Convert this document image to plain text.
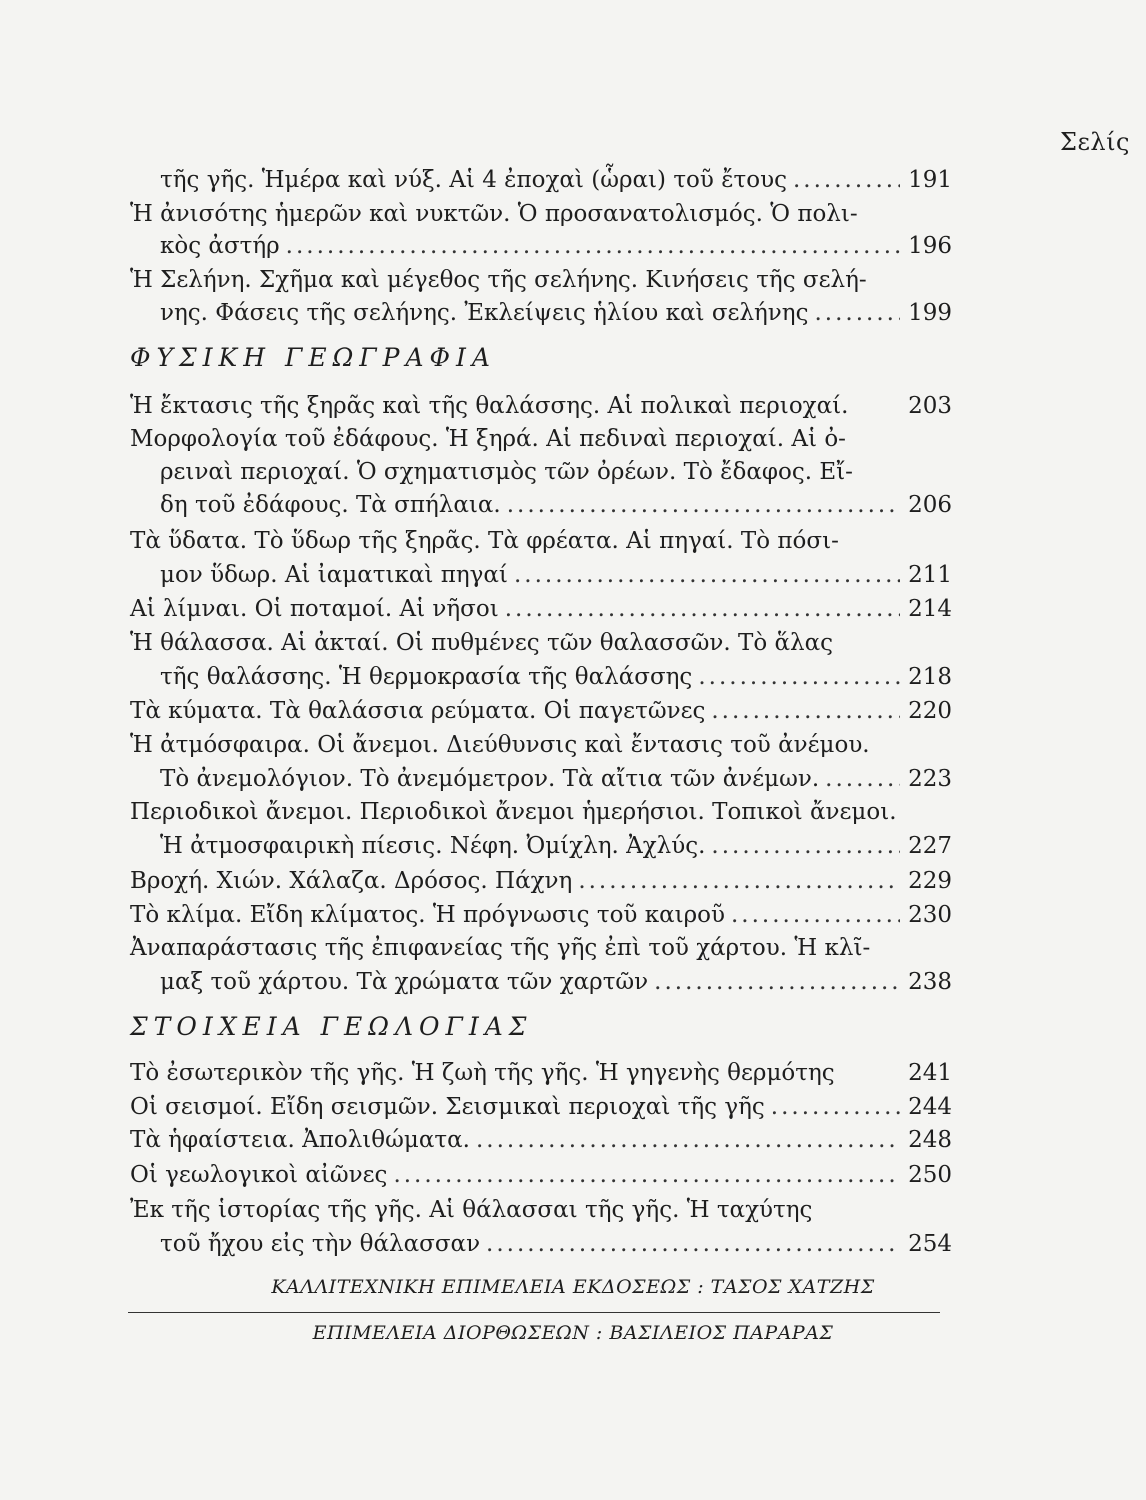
Σελίς
τῆς γῆς. Ἡμέρα καὶ νύξ. Αἱ 4 ἐποχαὶ (ὧραι) τοῦ ἔτους .....	191
Ἡ ἀνισότης ἡμερῶν καὶ νυκτῶν. Ὁ προσανατολισμός. Ὁ πολι-
κὸς ἀστήρ .....	196
Ἡ Σελήνη. Σχῆμα καὶ μέγεθος τῆς σελήνης. Κινήσεις τῆς σελή-
νης. Φάσεις τῆς σελήνης. Ἐκλείψεις ἡλίου καὶ σελήνης .....	199
ΦΥΣΙΚΗ ΓΕΩΓΡΑΦΙΑ
Ἡ ἔκτασις τῆς ξηρᾶς καὶ τῆς θαλάσσης. Αἱ πολικαὶ περιοχαί.	203
Μορφολογία τοῦ ἐδάφους. Ἡ ξηρά. Αἱ πεδιναὶ περιοχαί. Αἱ ὀ-
ρειναὶ περιοχαί. Ὁ σχηματισμὸς τῶν ὀρέων. Τὸ ἔδαφος. Εἴ-
δη τοῦ ἐδάφους. Τὰ σπήλαια. .....	206
Τὰ ὕδατα. Τὸ ὕδωρ τῆς ξηρᾶς. Τὰ φρέατα. Αἱ πηγαί. Τὸ πόσι-
μον ὕδωρ. Αἱ ἰαματικαὶ πηγαί .....	211
Αἱ λίμναι. Οἱ ποταμοί. Αἱ νῆσοι .....	214
Ἡ θάλασσα. Αἱ ἀκταί. Οἱ πυθμένες τῶν θαλασσῶν. Τὸ ἅλας
τῆς θαλάσσης. Ἡ θερμοκρασία τῆς θαλάσσης .....	218
Τὰ κύματα. Τὰ θαλάσσια ρεύματα. Οἱ παγετῶνες .....	220
Ἡ ἀτμόσφαιρα. Οἱ ἄνεμοι. Διεύθυνσις καὶ ἔντασις τοῦ ἀνέμου.
Τὸ ἀνεμολόγιον. Τὸ ἀνεμόμετρον. Τὰ αἴτια τῶν ἀνέμων. .....	223
Περιοδικοὶ ἄνεμοι. Περιοδικοὶ ἄνεμοι ἡμερήσιοι. Τοπικοὶ ἄνεμοι.
Ἡ ἀτμοσφαιρικὴ πίεσις. Νέφη. Ὀμίχλη. Ἀχλύς. .....	227
Βροχή. Χιών. Χάλαζα. Δρόσος. Πάχνη .....	229
Τὸ κλίμα. Εἴδη κλίματος. Ἡ πρόγνωσις τοῦ καιροῦ .....	230
Ἀναπαράστασις τῆς ἐπιφανείας τῆς γῆς ἐπὶ τοῦ χάρτου. Ἡ κλῖ-
μαξ τοῦ χάρτου. Τὰ χρώματα τῶν χαρτῶν .....	238
ΣΤΟΙΧΕΙΑ ΓΕΩΛΟΓΙΑΣ
Τὸ ἐσωτερικὸν τῆς γῆς. Ἡ ζωὴ τῆς γῆς. Ἡ γηγενὴς θερμότης	241
Οἱ σεισμοί. Εἴδη σεισμῶν. Σεισμικαὶ περιοχαὶ τῆς γῆς .....	244
Τὰ ἡφαίστεια. Ἀπολιθώματα. .....	248
Οἱ γεωλογικοὶ αἰῶνες .....	250
Ἐκ τῆς ἱστορίας τῆς γῆς. Αἱ θάλασσαι τῆς γῆς. Ἡ ταχύτης
τοῦ ἤχου εἰς τὴν θάλασσαν .....	254
ΚΑΛΛΙΤΕΧΝΙΚΗ ΕΠΙΜΕΛΕΙΑ ΕΚΔΟΣΕΩΣ : ΤΑΣΟΣ ΧΑΤΖΗΣ
ΕΠΙΜΕΛΕΙΑ ΔΙΟΡΘΩΣΕΩΝ : ΒΑΣΙΛΕΙΟΣ ΠΑΡΑΡΑΣ
